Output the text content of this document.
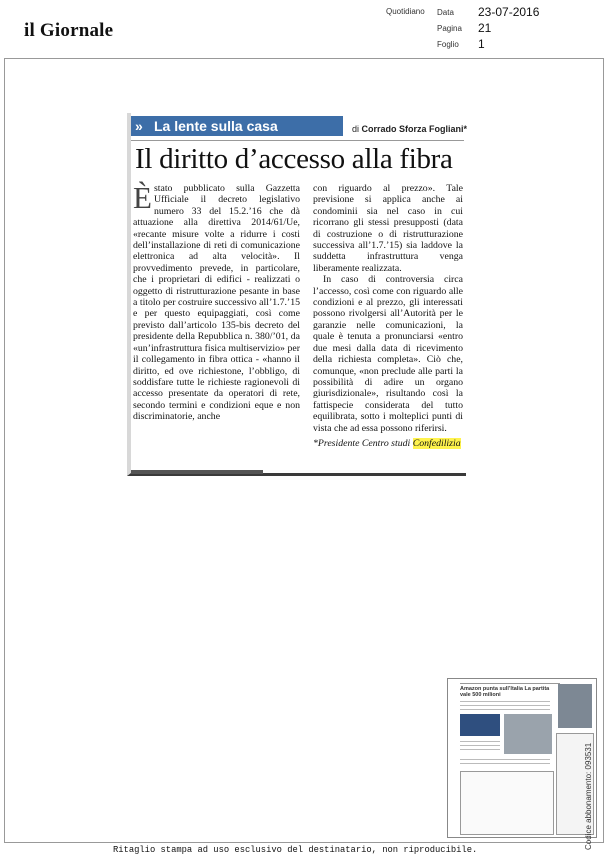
il Giornale
Quotidiano Data 23-07-2016
Pagina 21
Foglio 1
» La lente sulla casa	di Corrado Sforza Fogliani*
Il diritto d’accesso alla fibra

Èstato pubblicato sulla Gazzetta Ufficiale il decreto legislativo numero 33 del 15.2.’16 che dà attuazione alla direttiva 2014/61/Ue, «recante misure volte a ridurre i costi dell’installazione di reti di comunicazione elettronica ad alta velocità». Il provvedimento prevede, in particolare, che i proprietari di edifici - realizzati o oggetto di ristrutturazione pesante in base a titolo per costruire successivo all’1.7.’15 e per questo equipaggiati, così come previsto dall’articolo 135-bis decreto del presidente della Repubblica n. 380/’01, da «un’infrastruttura fisica multiservizio» per il collegamento in fibra ottica - «hanno il diritto, ed ove richiestone, l’obbligo, di soddisfare tutte le richieste ragionevoli di accesso presentate da operatori di rete, secondo termini e condizioni eque e non discriminatorie, anche

con riguardo al prezzo». Tale previsione si applica anche ai condominii sia nel caso in cui ricorrano gli stessi presupposti (data di costruzione o di ristrutturazione successiva all’1.7.’15) sia laddove la suddetta infrastruttura venga liberamente realizzata.

In caso di controversia circa l’accesso, così come con riguardo alle condizioni e al prezzo, gli interessati possono rivolgersi all’Autorità per le garanzie nelle comunicazioni, la quale è tenuta a pronunciarsi «entro due mesi dalla data di ricevimento della richiesta completa». Ciò che, comunque, «non preclude alle parti la possibilità di adire un organo giurisdizionale», risultando così la fattispecie considerata del tutto equilibrata, sotto i molteplici punti di vista che ad essa possono riferirsi.

*Presidente Centro studi Confedilizia

Amazon punta sull’Italia La partita vale 500 milioni
Codice abbonamento: 093531
Ritaglio stampa ad uso esclusivo del destinatario, non riproducibile.
